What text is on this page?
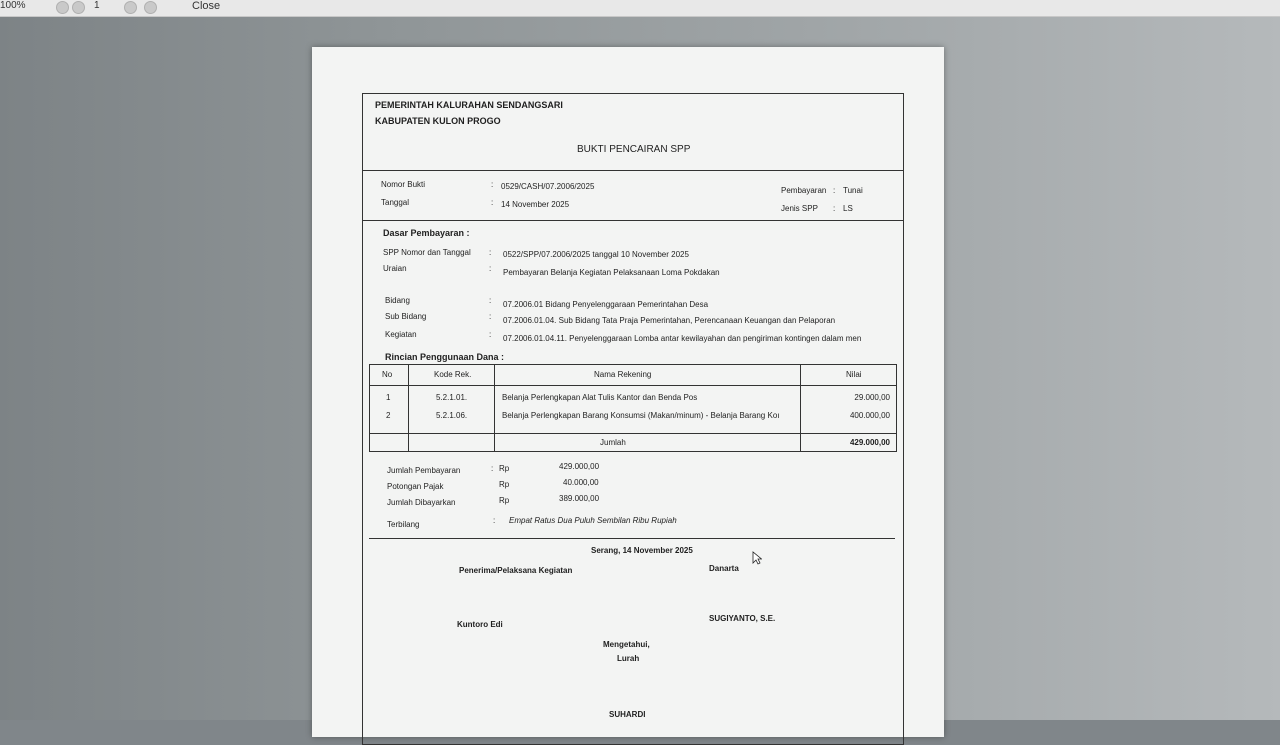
100%	1	Close
PEMERINTAH KALURAHAN SENDANGSARI
KABUPATEN KULON PROGO
BUKTI PENCAIRAN SPP
Nomor Bukti	: 0529/CASH/07.2006/2025
Tanggal	: 14 November 2025
Pembayaran : Tunai
Jenis SPP : LS
Dasar Pembayaran :
SPP Nomor dan Tanggal : 0522/SPP/07.2006/2025 tanggal 10 November 2025
Uraian	: Pembayaran Belanja Kegiatan Pelaksanaan Loma Pokdakan
Bidang	: 07.2006.01 Bidang Penyelenggaraan Pemerintahan Desa
Sub Bidang	: 07.2006.01.04. Sub Bidang Tata Praja Pemerintahan, Perencanaan Keuangan dan Pelaporan
Kegiatan	: 07.2006.01.04.11. Penyelenggaraan Lomba antar kewilayahan dan pengiriman kontingen dalam men
Rincian Penggunaan Dana :
No	Kode Rek.	Nama Rekening	Nilai
1	5.2.1.01.	Belanja Perlengkapan Alat Tulis Kantor dan Benda Pos	29.000,00
2	5.2.1.06.	Belanja Perlengkapan Barang Konsumsi (Makan/minum) - Belanja Barang Koı	400.000,00
Jumlah	429.000,00
Jumlah Pembayaran	: Rp	429.000,00
Potongan Pajak	Rp	40.000,00
Jumlah Dibayarkan	Rp	389.000,00
Terbilang	: Empat Ratus Dua Puluh Sembilan Ribu Rupiah
Serang, 14 November 2025
Penerima/Pelaksana Kegiatan	Danarta
Kuntoro Edi
SUGIYANTO, S.E.
Mengetahui,
Lurah
SUHARDI
